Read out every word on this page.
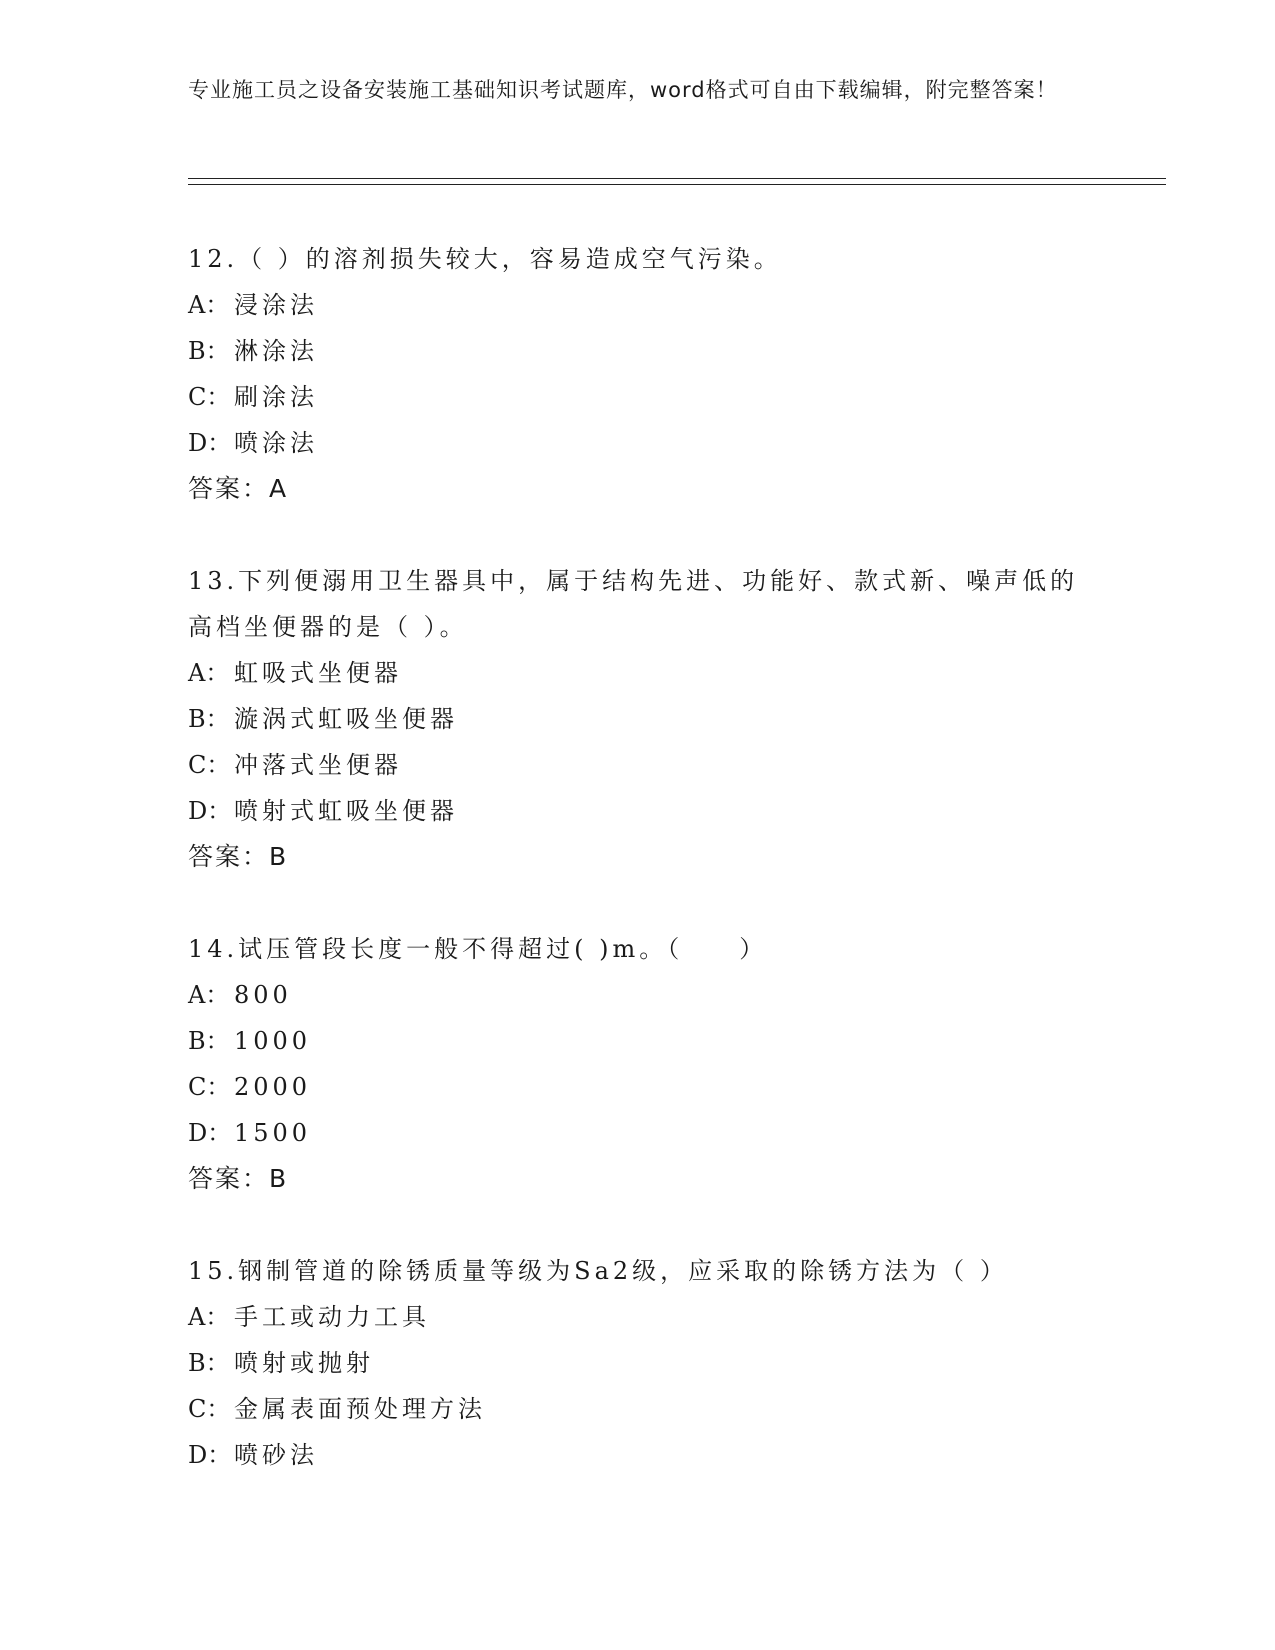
专业施工员之设备安装施工基础知识考试题库，word格式可自由下载编辑，附完整答案！

12.（ ）的溶剂损失较大，容易造成空气污染。

A： 浸涂法

B： 淋涂法

C： 刷涂法

D： 喷涂法

答案：A

13.下列便溺用卫生器具中，属于结构先进、功能好、款式新、噪声低的高档坐便器的是（ ）。

A： 虹吸式坐便器

B： 漩涡式虹吸坐便器

C： 冲落式坐便器

D： 喷射式虹吸坐便器

答案：B

14.试压管段长度一般不得超过( )m。（　　）

A： 800

B： 1000

C： 2000

D： 1500

答案：B

15.钢制管道的除锈质量等级为Sa2级，应采取的除锈方法为（ ）

A： 手工或动力工具

B： 喷射或抛射

C： 金属表面预处理方法

D： 喷砂法
